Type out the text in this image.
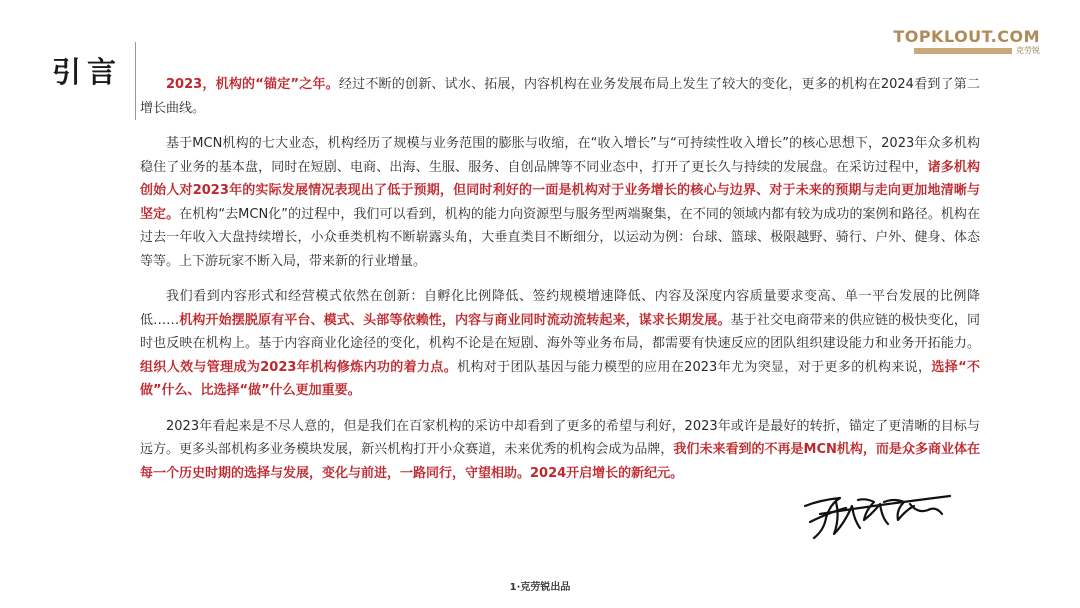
引言
TOPKLOUT.COM
克劳锐

2023，机构的“锚定”之年。经过不断的创新、试水、拓展，内容机构在业务发展布局上发生了较大的变化，更多的机构在2024看到了第二增长曲线。

基于MCN机构的七大业态，机构经历了规模与业务范围的膨胀与收缩，在“收入增长”与“可持续性收入增长”的核心思想下，2023年众多机构稳住了业务的基本盘，同时在短剧、电商、出海、生服、服务、自创品牌等不同业态中，打开了更长久与持续的发展盘。在采访过程中，诸多机构创始人对2023年的实际发展情况表现出了低于预期，但同时利好的一面是机构对于业务增长的核心与边界、对于未来的预期与走向更加地清晰与坚定。在机构“去MCN化”的过程中，我们可以看到，机构的能力向资源型与服务型两端聚集，在不同的领域内都有较为成功的案例和路径。机构在过去一年收入大盘持续增长，小众垂类机构不断崭露头角，大垂直类目不断细分，以运动为例：台球、篮球、极限越野、骑行、户外、健身、体态等等。上下游玩家不断入局，带来新的行业增量。

我们看到内容形式和经营模式依然在创新：自孵化比例降低、签约规模增速降低、内容及深度内容质量要求变高、单一平台发展的比例降低……机构开始摆脱原有平台、模式、头部等依赖性，内容与商业同时流动流转起来，谋求长期发展。基于社交电商带来的供应链的极快变化，同时也反映在机构上。基于内容商业化途径的变化，机构不论是在短剧、海外等业务布局，都需要有快速反应的团队组织建设能力和业务开拓能力。组织人效与管理成为2023年机构修炼内功的着力点。机构对于团队基因与能力模型的应用在2023年尤为突显，对于更多的机构来说，选择“不做”什么、比选择“做”什么更加重要。

2023年看起来是不尽人意的，但是我们在百家机构的采访中却看到了更多的希望与利好，2023年或许是最好的转折，锚定了更清晰的目标与远方。更多头部机构多业务模块发展，新兴机构打开小众赛道，未来优秀的机构会成为品牌，我们未来看到的不再是MCN机构，而是众多商业体在每一个历史时期的选择与发展，变化与前进，一路同行，守望相助。2024开启增长的新纪元。

1·克劳锐出品
